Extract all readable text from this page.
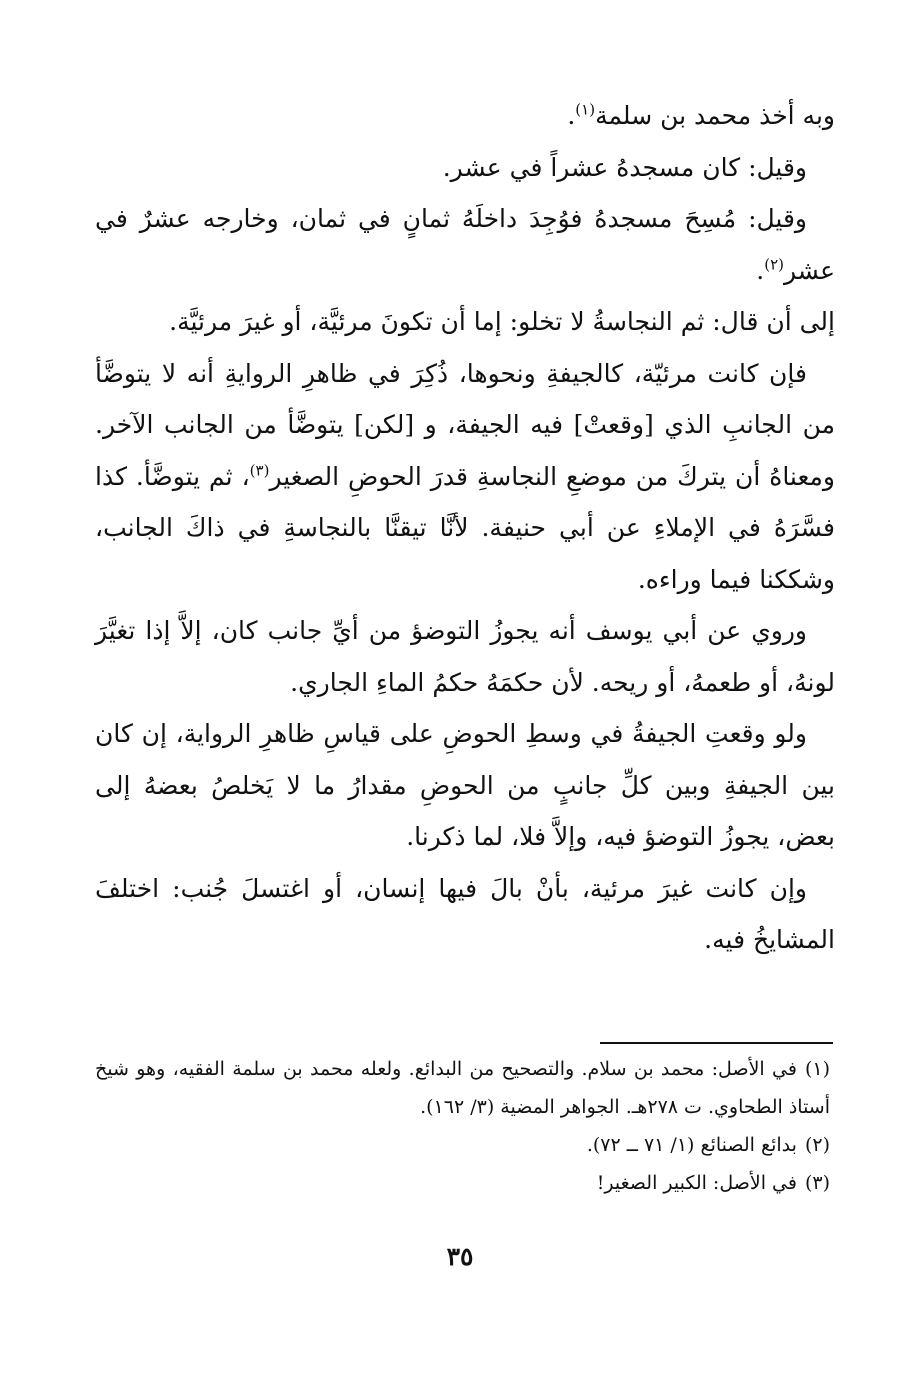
وبه أخذ محمد بن سلمة$^{(١)}$.

وقيل: كان مسجدهُ عشراً في عشر.

وقيل: مُسِحَ مسجدهُ فوُجِدَ داخلَهُ ثمانٍ في ثمان، وخارجه عشرٌ في عشر$^{(٢)}$.

إلى أن قال: ثم النجاسةُ لا تخلو: إما أن تكونَ مرئيَّة، أو غيرَ مرئيَّة.

فإن كانت مرئيّة، كالجيفةِ ونحوها، ذُكِرَ في ظاهرِ الروايةِ أنه لا يتوضَّأ من الجانبِ الذي [وقعتْ] فيه الجيفة، و [لكن] يتوضَّأ من الجانب الآخر. ومعناهُ أن يتركَ من موضعِ النجاسةِ قدرَ الحوضِ الصغير$^{(٣)}$، ثم يتوضَّأ. كذا فسَّرَهُ في الإملاءِ عن أبي حنيفة. لأنَّا تيقنَّا بالنجاسةِ في ذاكَ الجانب، وشككنا فيما وراءه.

وروي عن أبي يوسف أنه يجوزُ التوضؤ من أيِّ جانب كان، إلاَّ إذا تغيَّرَ لونهُ، أو طعمهُ، أو ريحه. لأن حكمَهُ حكمُ الماءِ الجاري.

ولو وقعتِ الجيفةُ في وسطِ الحوضِ على قياسِ ظاهرِ الرواية، إن كان بين الجيفةِ وبين كلِّ جانبٍ من الحوضِ مقدارُ ما لا يَخلصُ بعضهُ إلى بعض، يجوزُ التوضؤ فيه، وإلاَّ فلا، لما ذكرنا.

وإن كانت غيرَ مرئية، بأنْ بالَ فيها إنسان، أو اغتسلَ جُنب: اختلفَ المشايخُ فيه.

(١)في الأصل: محمد بن سلام. والتصحيح من البدائع. ولعله محمد بن سلمة الفقيه، وهو شيخ أستاذ الطحاوي. ت ٢٧٨هـ. الجواهر المضية (٣/ ١٦٢).

(٢)بدائع الصنائع (١/ ٧١ ــ ٧٢).

(٣)في الأصل: الكبير الصغير!

٣٥
